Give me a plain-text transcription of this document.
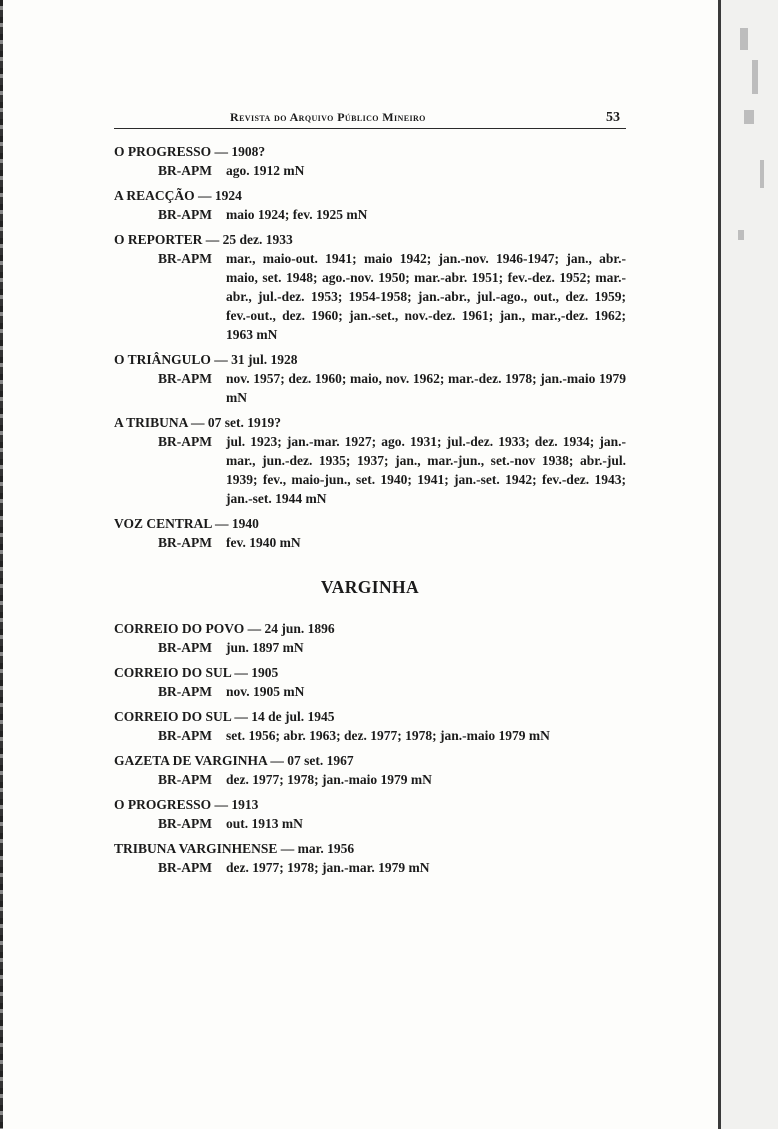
Revista do Arquivo Público Mineiro	53
O PROGRESSO — 1908?
BR-APM	ago. 1912 mN
A REACÇÃO — 1924
BR-APM	maio 1924; fev. 1925 mN
O REPORTER — 25 dez. 1933
BR-APM	mar., maio-out. 1941; maio 1942; jan.-nov. 1946-1947; jan., abr.-maio, set. 1948; ago.-nov. 1950; mar.-abr. 1951; fev.-dez. 1952; mar.-abr., jul.-dez. 1953; 1954-1958; jan.-abr., jul.-ago., out., dez. 1959; fev.-out., dez. 1960; jan.-set., nov.-dez. 1961; jan., mar.,-dez. 1962; 1963 mN
O TRIÂNGULO — 31 jul. 1928
BR-APM	nov. 1957; dez. 1960; maio, nov. 1962; mar.-dez. 1978; jan.-maio 1979 mN
A TRIBUNA — 07 set. 1919?
BR-APM	jul. 1923; jan.-mar. 1927; ago. 1931; jul.-dez. 1933; dez. 1934; jan.-mar., jun.-dez. 1935; 1937; jan., mar.-jun., set.-nov 1938; abr.-jul. 1939; fev., maio-jun., set. 1940; 1941; jan.-set. 1942; fev.-dez. 1943; jan.-set. 1944 mN
VOZ CENTRAL — 1940
BR-APM	fev. 1940 mN
VARGINHA
CORREIO DO POVO — 24 jun. 1896
BR-APM	jun. 1897 mN
CORREIO DO SUL — 1905
BR-APM	nov. 1905 mN
CORREIO DO SUL — 14 de jul. 1945
BR-APM	set. 1956; abr. 1963; dez. 1977; 1978; jan.-maio 1979 mN
GAZETA DE VARGINHA — 07 set. 1967
BR-APM	dez. 1977; 1978; jan.-maio 1979 mN
O PROGRESSO — 1913
BR-APM	out. 1913 mN
TRIBUNA VARGINHENSE — mar. 1956
BR-APM	dez. 1977; 1978; jan.-mar. 1979 mN
